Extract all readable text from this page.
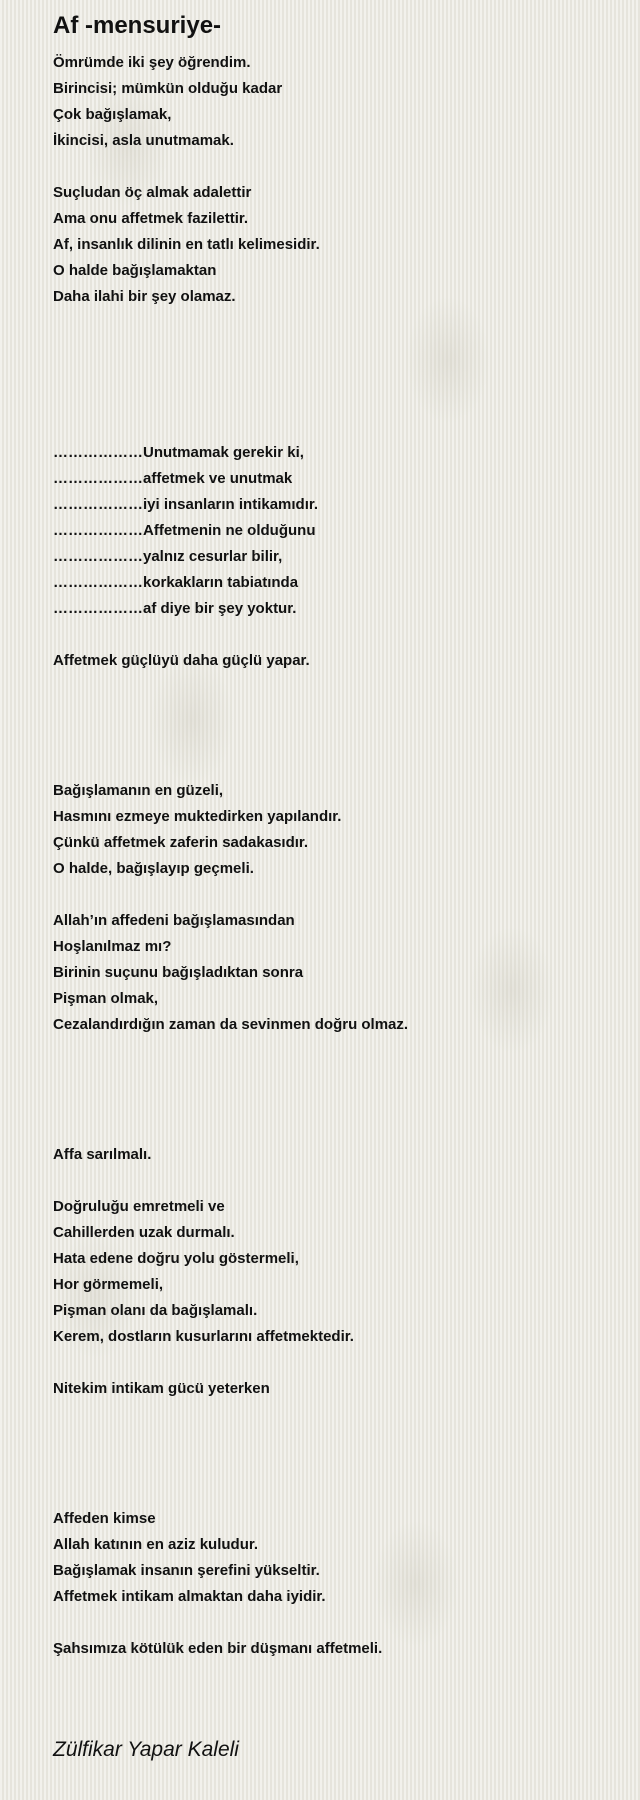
Af -mensuriye-
Ömrümde iki şey öğrendim.
Birincisi; mümkün olduğu kadar
Çok bağışlamak,
İkincisi, asla unutmamak.
Suçludan öç almak adalettir
Ama onu affetmek fazilettir.
Af, insanlık dilinin en tatlı kelimesidir.
O halde bağışlamaktan
Daha ilahi bir şey olamaz.
………………Unutmamak gerekir ki,
………………affetmek ve unutmak
………………iyi insanların intikamıdır.
………………Affetmenin ne olduğunu
………………yalnız cesurlar bilir,
………………korkakların tabiatında
………………af diye bir şey yoktur.
Affetmek güçlüyü daha güçlü yapar.
Bağışlamanın en güzeli,
Hasmını ezmeye muktedirken yapılandır.
Çünkü affetmek zaferin sadakasıdır.
O halde, bağışlayıp geçmeli.
Allah’ın affedeni bağışlamasından
Hoşlanılmaz mı?
Birinin suçunu bağışladıktan sonra
Pişman olmak,
Cezalandırdığın zaman da sevinmen doğru olmaz.
Affa sarılmalı.
Doğruluğu emretmeli ve
Cahillerden uzak durmalı.
Hata edene doğru yolu göstermeli,
Hor görmemeli,
Pişman olanı da bağışlamalı.
Kerem, dostların kusurlarını affetmektedir.
Nitekim intikam gücü yeterken
Affeden kimse
Allah katının en aziz kuludur.
Bağışlamak insanın şerefini yükseltir.
Affetmek intikam almaktan daha iyidir.
Şahsımıza kötülük eden bir düşmanı affetmeli.
Zülfikar Yapar Kaleli
